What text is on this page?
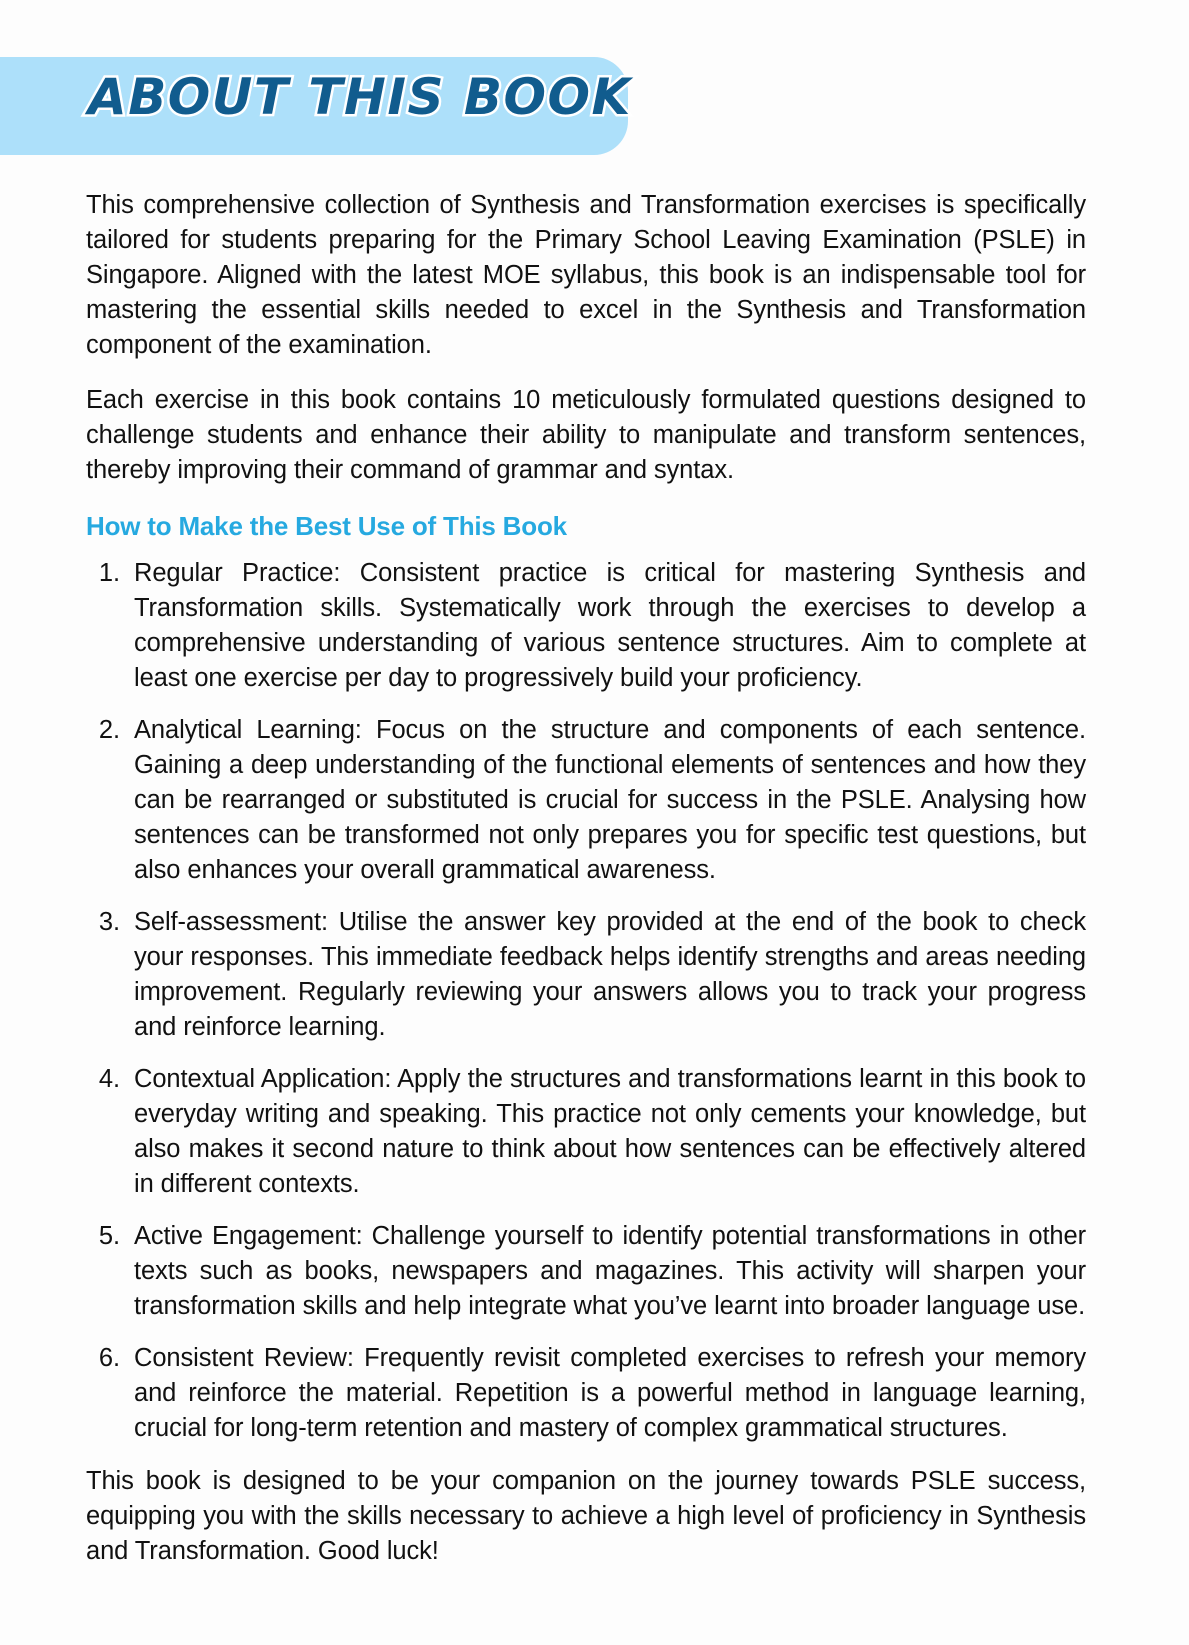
ABOUT THIS BOOK

This comprehensive collection of Synthesis and Transformation exercises is specifically tailored for students preparing for the Primary School Leaving Examination (PSLE) in Singapore. Aligned with the latest MOE syllabus, this book is an indispensable tool for mastering the essential skills needed to excel in the Synthesis and Transformation component of the examination.

Each exercise in this book contains 10 meticulously formulated questions designed to challenge students and enhance their ability to manipulate and transform sentences, thereby improving their command of grammar and syntax.

How to Make the Best Use of This Book
1. Regular Practice: Consistent practice is critical for mastering Synthesis and Transformation skills. Systematically work through the exercises to develop a comprehensive understanding of various sentence structures. Aim to complete at least one exercise per day to progressively build your proficiency.
2. Analytical Learning: Focus on the structure and components of each sentence. Gaining a deep understanding of the functional elements of sentences and how they can be rearranged or substituted is crucial for success in the PSLE. Analysing how sentences can be transformed not only prepares you for specific test questions, but also enhances your overall grammatical awareness.
3. Self-assessment: Utilise the answer key provided at the end of the book to check your responses. This immediate feedback helps identify strengths and areas needing improvement. Regularly reviewing your answers allows you to track your progress and reinforce learning.
4. Contextual Application: Apply the structures and transformations learnt in this book to everyday writing and speaking. This practice not only cements your knowledge, but also makes it second nature to think about how sentences can be effectively altered in different contexts.
5. Active Engagement: Challenge yourself to identify potential transformations in other texts such as books, newspapers and magazines. This activity will sharpen your transformation skills and help integrate what you’ve learnt into broader language use.
6. Consistent Review: Frequently revisit completed exercises to refresh your memory and reinforce the material. Repetition is a powerful method in language learning, crucial for long-term retention and mastery of complex grammatical structures.

This book is designed to be your companion on the journey towards PSLE success, equipping you with the skills necessary to achieve a high level of proficiency in Synthesis and Transformation. Good luck!
